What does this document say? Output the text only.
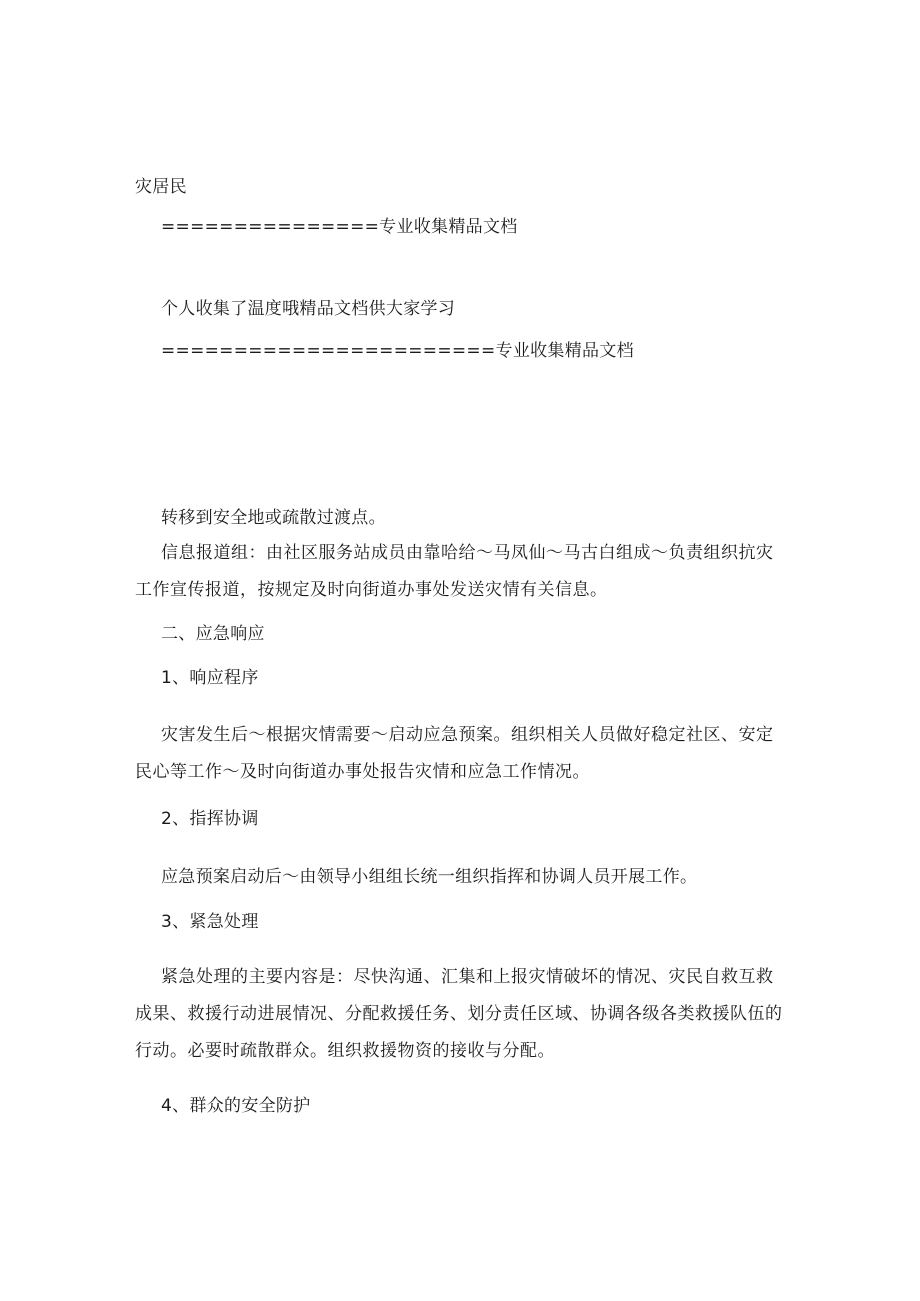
灾居民
===============专业收集精品文档
个人收集了温度哦精品文档供大家学习
=======================专业收集精品文档
转移到安全地或疏散过渡点。
信息报道组：由社区服务站成员由靠哈给～马凤仙～马古白组成～负责组织抗灾工作宣传报道，按规定及时向街道办事处发送灾情有关信息。
二、应急响应
1、响应程序
灾害发生后～根据灾情需要～启动应急预案。组织相关人员做好稳定社区、安定民心等工作～及时向街道办事处报告灾情和应急工作情况。
2、指挥协调
应急预案启动后～由领导小组组长统一组织指挥和协调人员开展工作。
3、紧急处理
紧急处理的主要内容是：尽快沟通、汇集和上报灾情破坏的情况、灾民自救互救成果、救援行动进展情况、分配救援任务、划分责任区域、协调各级各类救援队伍的行动。必要时疏散群众。组织救援物资的接收与分配。
4、群众的安全防护
